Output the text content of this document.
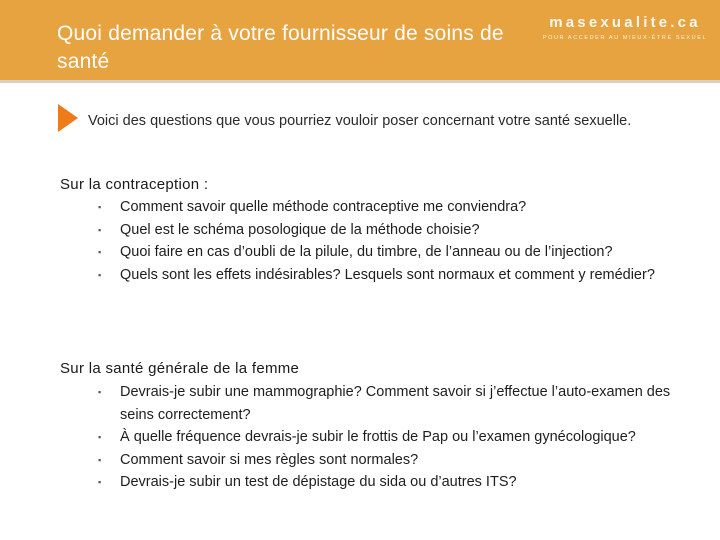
Quoi demander à votre fournisseur de soins de santé
masexualite.ca
POUR ACCEDER AU MIEUX-ÊTRE SEXUEL
Voici des questions que vous pourriez vouloir poser concernant votre santé sexuelle.
Sur la contraception :
▪
Comment savoir quelle méthode contraceptive me conviendra?
▪
Quel est le schéma posologique de la méthode choisie?
▪
Quoi faire en cas d’oubli de la pilule, du timbre, de l’anneau ou de l’injection?
▪
Quels sont les effets indésirables? Lesquels sont normaux et comment y remédier?
Sur la santé générale de la femme
▪
Devrais-je subir une mammographie? Comment savoir si j’effectue l’auto-examen des seins correctement?
▪
À quelle fréquence devrais-je subir le frottis de Pap ou l’examen gynécologique?
▪
Comment savoir si mes règles sont normales?
▪
Devrais-je subir un test de dépistage du sida ou d’autres ITS?
